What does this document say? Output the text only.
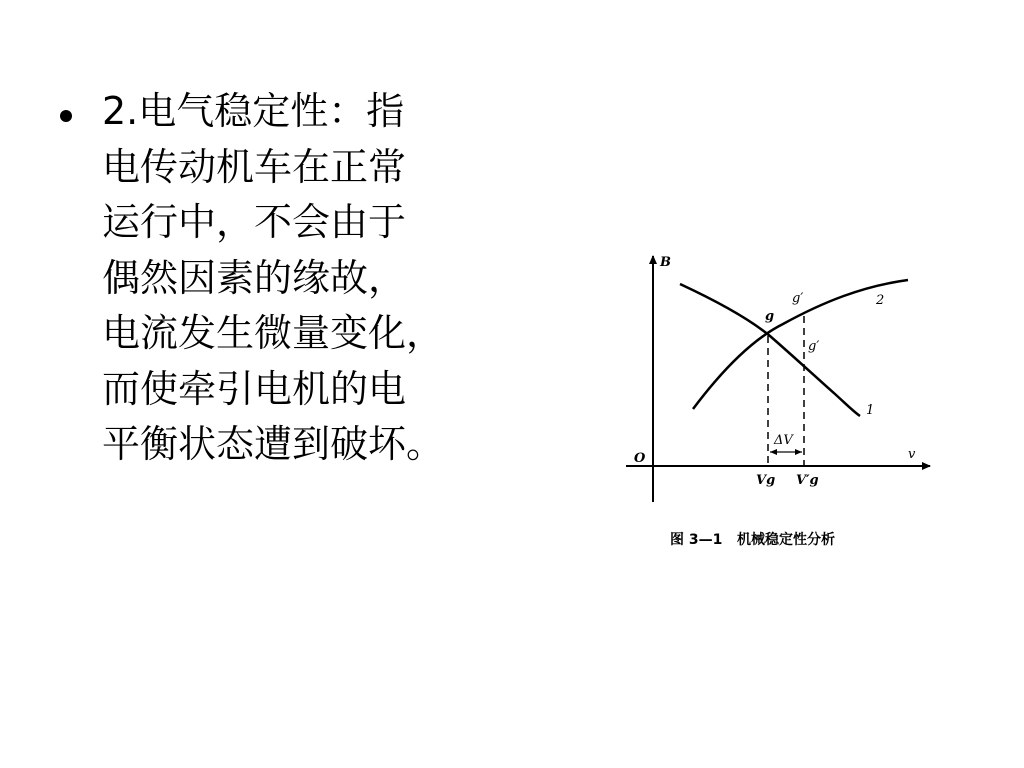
2.电气稳定性：指
电传动机车在正常
运行中，不会由于
偶然因素的缘故，
电流发生微量变化，
而使牵引电机的电
平衡状态遭到破坏。
B
v
O
g
g′
g′
2
1
ΔV
Vg V′g
图 3—1   机械稳定性分析
